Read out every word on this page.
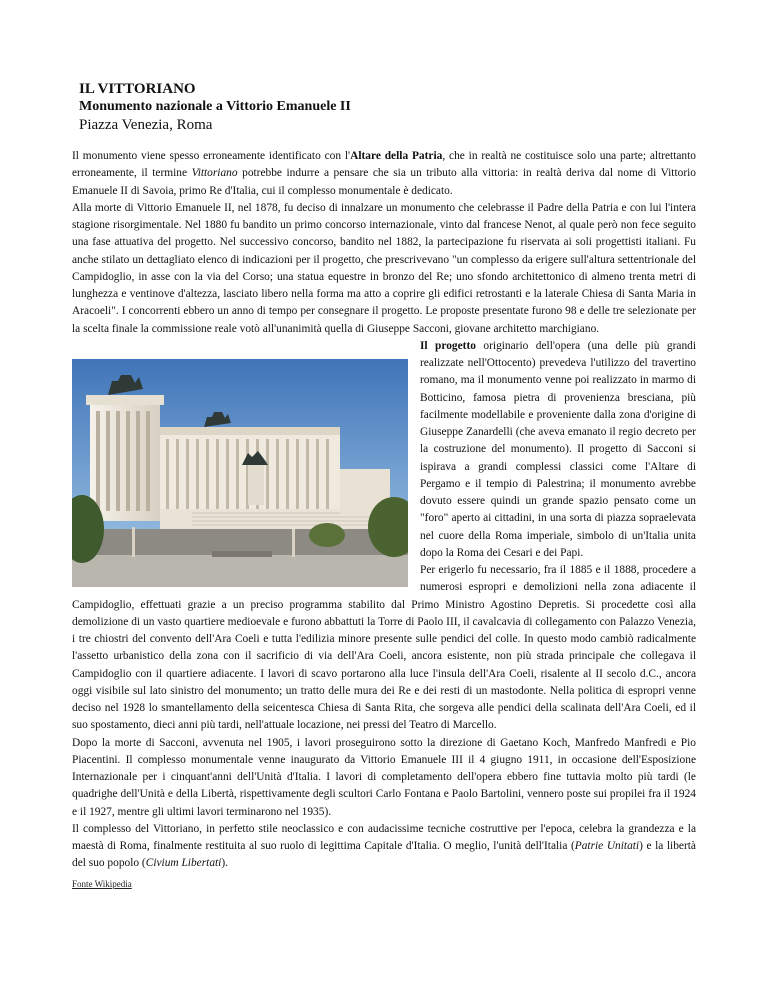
IL VITTORIANO
Monumento nazionale a Vittorio Emanuele II
Piazza Venezia, Roma

Il monumento viene spesso erroneamente identificato con l'Altare della Patria, che in realtà ne costituisce solo una parte; altrettanto erroneamente, il termine Vittoriano potrebbe indurre a pensare che sia un tributo alla vittoria: in realtà deriva dal nome di Vittorio Emanuele II di Savoia, primo Re d'Italia, cui il complesso monumentale è dedicato.

Alla morte di Vittorio Emanuele II, nel 1878, fu deciso di innalzare un monumento che celebrasse il Padre della Patria e con lui l'intera stagione risorgimentale. Nel 1880 fu bandito un primo concorso internazionale, vinto dal francese Nenot, al quale però non fece seguito una fase attuativa del progetto. Nel successivo concorso, bandito nel 1882, la partecipazione fu riservata ai soli progettisti italiani. Fu anche stilato un dettagliato elenco di indicazioni per il progetto, che prescrivevano "un complesso da erigere sull'altura settentrionale del Campidoglio, in asse con la via del Corso; una statua equestre in bronzo del Re; uno sfondo architettonico di almeno trenta metri di lunghezza e ventinove d'altezza, lasciato libero nella forma ma atto a coprire gli edifici retrostanti e la laterale Chiesa di Santa Maria in Aracoeli". I concorrenti ebbero un anno di tempo per consegnare il progetto. Le proposte presentate furono 98 e delle tre selezionate per la scelta finale la commissione reale votò all'unanimità quella di Giuseppe Sacconi, giovane architetto marchigiano.

Il progetto originario dell'opera (una delle più grandi realizzate nell'Ottocento) prevedeva l'utilizzo del travertino romano, ma il monumento venne poi realizzato in marmo di Botticino, famosa pietra di provenienza bresciana, più facilmente modellabile e proveniente dalla zona d'origine di Giuseppe Zanardelli (che aveva emanato il regio decreto per la costruzione del monumento). Il progetto di Sacconi si ispirava a grandi complessi classici come l'Altare di Pergamo e il tempio di Palestrina; il monumento avrebbe dovuto essere quindi un grande spazio pensato come un "foro" aperto ai cittadini, in una sorta di piazza sopraelevata nel cuore della Roma imperiale, simbolo di un'Italia unita dopo la Roma dei Cesari e dei Papi.

Per erigerlo fu necessario, fra il 1885 e il 1888, procedere a numerosi espropri e demolizioni nella zona adiacente il Campidoglio, effettuati grazie a un preciso programma stabilito dal Primo Ministro Agostino Depretis. Si procedette così alla demolizione di un vasto quartiere medioevale e furono abbattuti la Torre di Paolo III, il cavalcavia di collegamento con Palazzo Venezia, i tre chiostri del convento dell'Ara Coeli e tutta l'edilizia minore presente sulle pendici del colle. In questo modo cambiò radicalmente l'assetto urbanistico della zona con il sacrificio di via dell'Ara Coeli, ancora esistente, non più strada principale che collegava il Campidoglio con il quartiere adiacente. I lavori di scavo portarono alla luce l'insula dell'Ara Coeli, risalente al II secolo d.C., ancora oggi visibile sul lato sinistro del monumento; un tratto delle mura dei Re e dei resti di un mastodonte. Nella politica di espropri venne deciso nel 1928 lo smantellamento della seicentesca Chiesa di Santa Rita, che sorgeva alle pendici della scalinata dell'Ara Coeli, ed il suo spostamento, dieci anni più tardi, nell'attuale locazione, nei pressi del Teatro di Marcello.

Dopo la morte di Sacconi, avvenuta nel 1905, i lavori proseguirono sotto la direzione di Gaetano Koch, Manfredo Manfredi e Pio Piacentini. Il complesso monumentale venne inaugurato da Vittorio Emanuele III il 4 giugno 1911, in occasione dell'Esposizione Internazionale per i cinquant'anni dell'Unità d'Italia. I lavori di completamento dell'opera ebbero fine tuttavia molto più tardi (le quadrighe dell'Unità e della Libertà, rispettivamente degli scultori Carlo Fontana e Paolo Bartolini, vennero poste sui propilei fra il 1924 e il 1927, mentre gli ultimi lavori terminarono nel 1935).

Il complesso del Vittoriano, in perfetto stile neoclassico e con audacissime tecniche costruttive per l'epoca, celebra la grandezza e la maestà di Roma, finalmente restituita al suo ruolo di legittima Capitale d'Italia. O meglio, l'unità dell'Italia (Patrie Unitati) e la libertà del suo popolo (Civium Libertati).

Fonte Wikipedia
